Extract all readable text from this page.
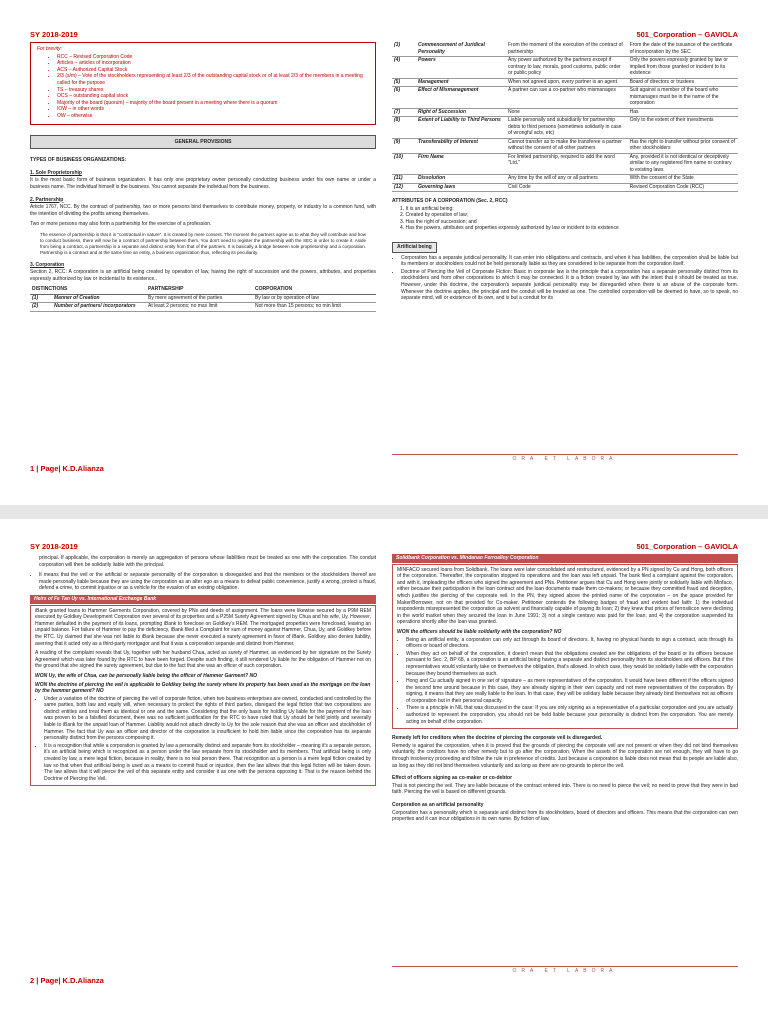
SY 2018-2019	501_Corporation – GAVIOLA
For brevity:
• RCC – Revised Corporation Code
• Articles – articles of incorporation
• ACS – Authorized Capital Stock
• 2/3 (s/m) – Vote of the stockholders representing at least 2/3 of the outstanding capital stock or of at least 2/3 of the members in a meeting called for the purpose
• TS – treasury shares
• OCS – outstanding capital stock
• Majority of the board (quorum) – majority of the board present in a meeting where there is a quorum
• IOW – in other words
• OW – otherwise
GENERAL PROVISIONS
TYPES OF BUSINESS ORGANIZATIONS:
1. Sole Proprietorship
It is the most basic form of business organization. It has only one proprietary owner personally conducting business under his own name or under a business name. The individual himself is the business. You cannot separate the individual from the business.
2. Partnership
Article 1767, NCC. By the contract of partnership, two or more persons bind themselves to contribute money, property, or industry to a common fund, with the intention of dividing the profits among themselves.
Two or more persons may also form a partnership for the exercise of a profession.
The essence of partnership is that it is "contractual in nature". It is created by mere consent. The moment the partners agree as to what they will contribute and how to conduct business, there will now be a contract of partnership between them. You don't need to register the partnership with the SEC in order to create it. Aside from being a contract, a partnership is a separate and distinct entity from that of the partners. It is basically a bridge between sole proprietorship and a corporation. Partnership is a contract and at the same time an entity, a business organization thus, reflecting its peculiarity.
3. Corporation
Section 2, RCC: A corporation is an artificial being created by operation of law, having the right of succession and the powers, attributes, and properties expressly authorized by law or incidental to its existence..
DISTINCTIONS		PARTNERSHIP	CORPORATION
(1)	Manner of Creation	By mere agreement of the parties	By law or by operation of law
(2)	Number of partners/ incorporators	At least 2 persons; no max limit	Not more than 15 persons; no min limit
(3)	Commencement of Juridical Personality	From the moment of the execution of the contract of partnership	From the date of the issuance of the certificate of incorporation by the SEC
(4)	Powers	Any power authorized by the partners except if contrary to law, morals, good customs, public order or public policy	Only the powers expressly granted by law or implied from those granted or incident to its existence
(5)	Management	When not agreed upon, every partner is an agent	Board of directors or trustees
(6)	Effect of Mismanagement	A partner can sue a co-partner who mismanages	Suit against a member of the board who mismanages must be in the name of the corporation
(7)	Right of Succession	None	Has
(8)	Extent of Liability to Third Persons	Liable personally and subsidiarily for partnership debts to third persons (sometimes solidarily in case of wrongful acts, etc)	Only to the extent of their investments
(9)	Transferability of Interest	Cannot transfer as to make the transferee a partner without the consent of all other partners	Has the right to transfer without prior consent of other stockholders
(10)	Firm Name	For limited partnership, required to add the word "Ltd."	Any, provided it is not identical or deceptively similar to any registered firm name or contrary to existing laws
(11)	Dissolution	Any time by the will of any or all partners	With the consent of the State
(12)	Governing laws	Civil Code	Revised Corporation Code (RCC)
ATTRIBUTES OF A CORPORATION (Sec. 2, RCC)
1. It is an artificial being;
2. Created by operation of law;
3. Has the right of succession; and
4. Has the powers, attributes and properties expressly authorized by law or incident to its existence
Artificial being
• Corporation has a separate juridical personality. It can enter into obligations and contracts, and when it has liabilities, the corporation shall be liable but its members or stockholders could not be held personally liable as they are considered to be separate from the corporation itself.
• Doctrine of Piercing the Veil of Corporate Fiction: Basic in corporate law is the principle that a corporation has a separate personality distinct from its stockholders and from other corporations to which it may be connected. It is a fiction created by law with the intent that it should be treated as true. However, under this doctrine, the corporation's separate juridical personality may be disregarded when there is an abuse of the corporate form. Whenever the doctrine applies, the principal and the conduit will be treated as one. The controlled corporation will be deemed to have, so to speak, no separate mind, will or existence of its own, and is but a conduit for its
ORA ET LABORA
1 | Page| K.D.Alianza
SY 2018-2019	501_Corporation – GAVIOLA
principal. If applicable, the corporation is merely an aggregation of persons whose liabilities must be treated as one with the corporation. The conduit corporation will then be solidarily liable with the principal.
• It means that the veil or the artificial or separate personality of the corporation is disregarded and that the members or the stockholders thereof are made personally liable because they are using the corporation as an alter ego as a means to defeat public convenience, justify a wrong, protect a fraud, defend a crime, to commit injustice or as a vehicle for the evasion of an existing obligation.
Heirs of Fe Tan Uy vs. International Exchange Bank
iBank granted loans to Hammer Garments Corporation, covered by PNs and deeds of assignment. The loans were likewise secured by a P9M REM executed by Goldkey Development Corporation over several of its properties and a P25M Surety Agreement signed by Chua and his wife, Uy. However, Hammer defaulted in the payment of its loans, prompting iBank to foreclose on Goldkey's REM. The mortgaged properties were foreclosed, leaving an unpaid balance. For failure of Hammer to pay the deficiency, iBank filed a Complaint for sum of money against Hammer, Chua, Uy, and Goldkey before the RTC. Uy claimed that she was not liable to iBank because she never executed a surety agreement in favor of iBank. Goldkey also denies liability, averring that it acted only as a third-party mortgagor and that it was a corporation separate and distinct from Hammer.
A reading of the complaint reveals that Uy, together with her husband Chua, acted as surety of Hammer, as evidenced by her signature on the Surety Agreement which was later found by the RTC to have been forged. Despite such finding, it still rendered Uy liable for the obligation of Hammer not on the ground that she signed the surety agreement, but due to the fact that she was an officer of such corporation.
WON Uy, the wife of Chua, can be personally liable being the officer of Hammer Garment? NO
WON the doctrine of piercing the veil is applicable to Goldkey being the surety where its property has been used as the mortgage on the loan by the hammer garment? NO
• Under a variation of the doctrine of piercing the veil of corporate fiction, when two business enterprises are owned, conducted and controlled by the same parties, both law and equity will, when necessary to protect the rights of third parties, disregard the legal fiction that two corporations are distinct entities and treat them as identical or one and the same. Considering that the only basis for holding Uy liable for the payment of the loan was proven to be a falsified document, there was no sufficient justification for the RTC to have ruled that Uy should be held jointly and severally liable to iBank for the unpaid loan of Hammer. Liability would not attach directly to Uy for the sole reason that she was an officer and stockholder of Hammer. The fact that Uy was an officer and director of the corporation is insufficient to hold him liable since the corporation has its separate personality distinct from the persons composing it.
• It is a recognition that while a corporation is granted by law a personality distinct and separate from its stockholder – meaning it's a separate person, it's an artificial being which is recognized as a person under the law separate from its stockholder and its members. That artificial being is only created by law, a mere legal fiction, because in reality, there is no real person there. That recognition as a person is a mere legal fiction created by law so that when that artificial being is used as a means to commit fraud or injustice, then the law allows that this legal fiction will be taken down. The law allows that it will pierce the veil of this separate entity and consider it as one with the persons opposing it. That is the reason behind the Doctrine of Piercing the Veil.
Solidbank Corporation vs. Mindanao Ferroalloy Corporation
MINFACO secured loans from Solidbank. The loans were later consolidated and restructured, evidenced by a PN signed by Cu and Hong, both officers of the corporation. Thereafter, the corporation stopped its operations and the loan was left unpaid. The bank filed a complaint against the corporation, and with it, impleading the officers who signed the agreement and PNs. Petitioner argues that Cu and Hong were jointly or solidarily liable with Minfaco, either because their participation in the loan contract and the loan documents made them co-makers; or because they committed fraud and deception, which justifies the piercing of the corporate veil. In the PN, they signed above the printed name of the corporation – on the space provided for Maker/Borrower, not on that provided for Co-maker. Petitioner contends the following badges of fraud and evident bad faith: 1) the individual respondents misrepresented the corporation as solvent and financially capable of paying its loan; 2) they knew that prices of ferrosilicon were declining in the world market when they secured the loan in June 1991; 3) not a single centavo was paid for the loan; and 4) the corporation suspended its operations shortly after the loan was granted.
WON the officers should be liable solidarily with the corporation? NO
• Being an artificial entity, a corporation can only act through its board of directors. It, having no physical hands to sign a contract, acts through its officers or board of directors.
• When they act on behalf of the corporation, it doesn't mean that the obligations created are the obligations of the board or its officers because pursuant to Sec. 2, BP 68, a corporation is an artificial being having a separate and distinct personality from its stockholders and officers. But if the representatives would voluntarily take on themselves the obligation, that's allowed. In which case, they would be solidarily liable with the corporation because they bound themselves as such.
• Hong and Cu actually signed in one set of signature – as mere representatives of the corporation. It would have been different if the officers signed the second time around because in this case, they are already signing in their own capacity and not mere representatives of the corporation. By signing, it means that they are really liable to the loan. In that case, they will be solidary liable because they already bind themselves not as officers of corporation but in their personal capacity.
• There is a principle in NIL that was discussed in the case: If you are only signing as a representative of a particular corporation and you are actually authorized to represent the corporation, you should not be held liable because your personality is distinct from the corporation. You are merely acting on behalf of the corporation.
Remedy left for creditors when the doctrine of piercing the corporate veil is disregarded.
Remedy is against the corporation, when it is proved that the grounds of piercing the corporate veil are not present or when they did not bind themselves voluntarily, the creditors have no other remedy but to go after the corporation. When the assets of the corporation are not enough, they will have to go through insolvency proceeding and follow the rule in preference of credits. Just because a corporation is liable does not mean that its people are liable also, as long as they did not bind themselves voluntarily and as long as there are no grounds to pierce the veil.
Effect of officers signing as co-maker or co-debtor
That is not piercing the veil. They are liable because of the contract entered into. There is no need to pierce the veil; no need to prove that they were in bad faith. Piercing the veil is based on different grounds.
Corporation as an artificial personality
Corporation has a personality which is separate and distinct from its stockholders, board of directors and officers. This means that the corporation can own properties and it can incur obligations in its own name. By fiction of law,
ORA ET LABORA
2 | Page| K.D.Alianza
